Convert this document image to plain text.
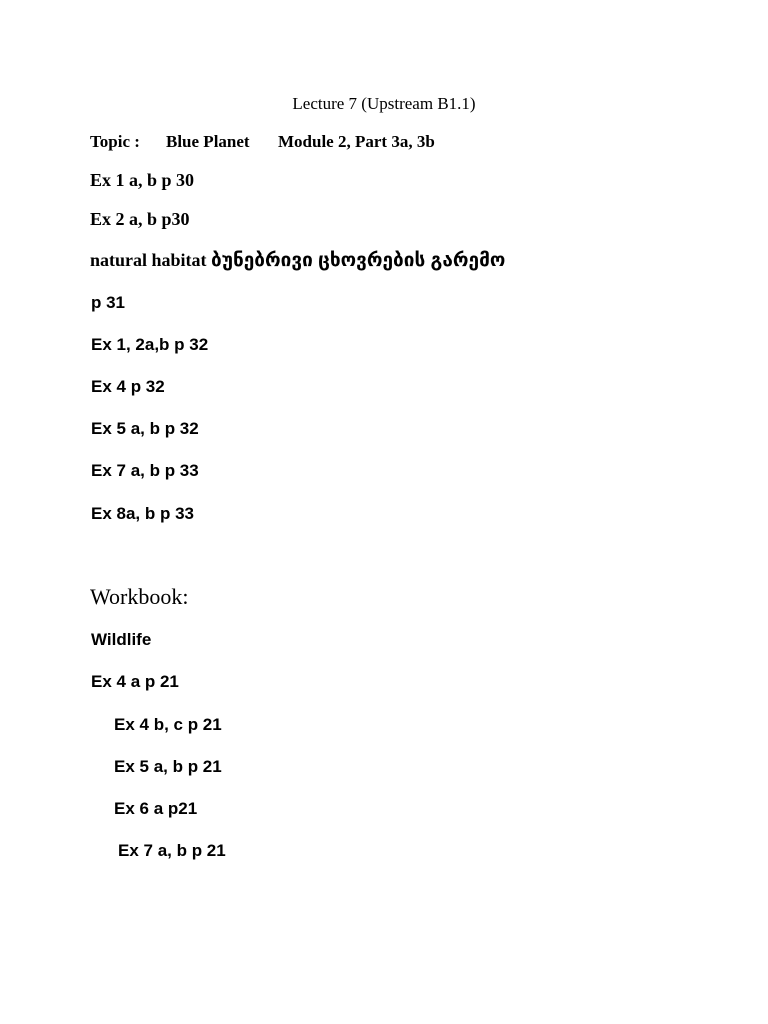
Lecture 7 (Upstream B1.1)
Topic : Blue Planet Module 2, Part 3a, 3b
Ex 1 a, b p 30
Ex 2 a, b p30
natural habitat ბუნებრივი ცხოვრების გარემო
p 31
Ex 1, 2a,b p 32
Ex 4 p 32
Ex 5 a, b p 32
Ex 7 a, b p 33
Ex 8a, b p 33
Workbook:
Wildlife
Ex 4 a p 21
Ex 4 b, c p 21
Ex 5 a, b p 21
Ex 6 a p21
Ex 7 a, b p 21
